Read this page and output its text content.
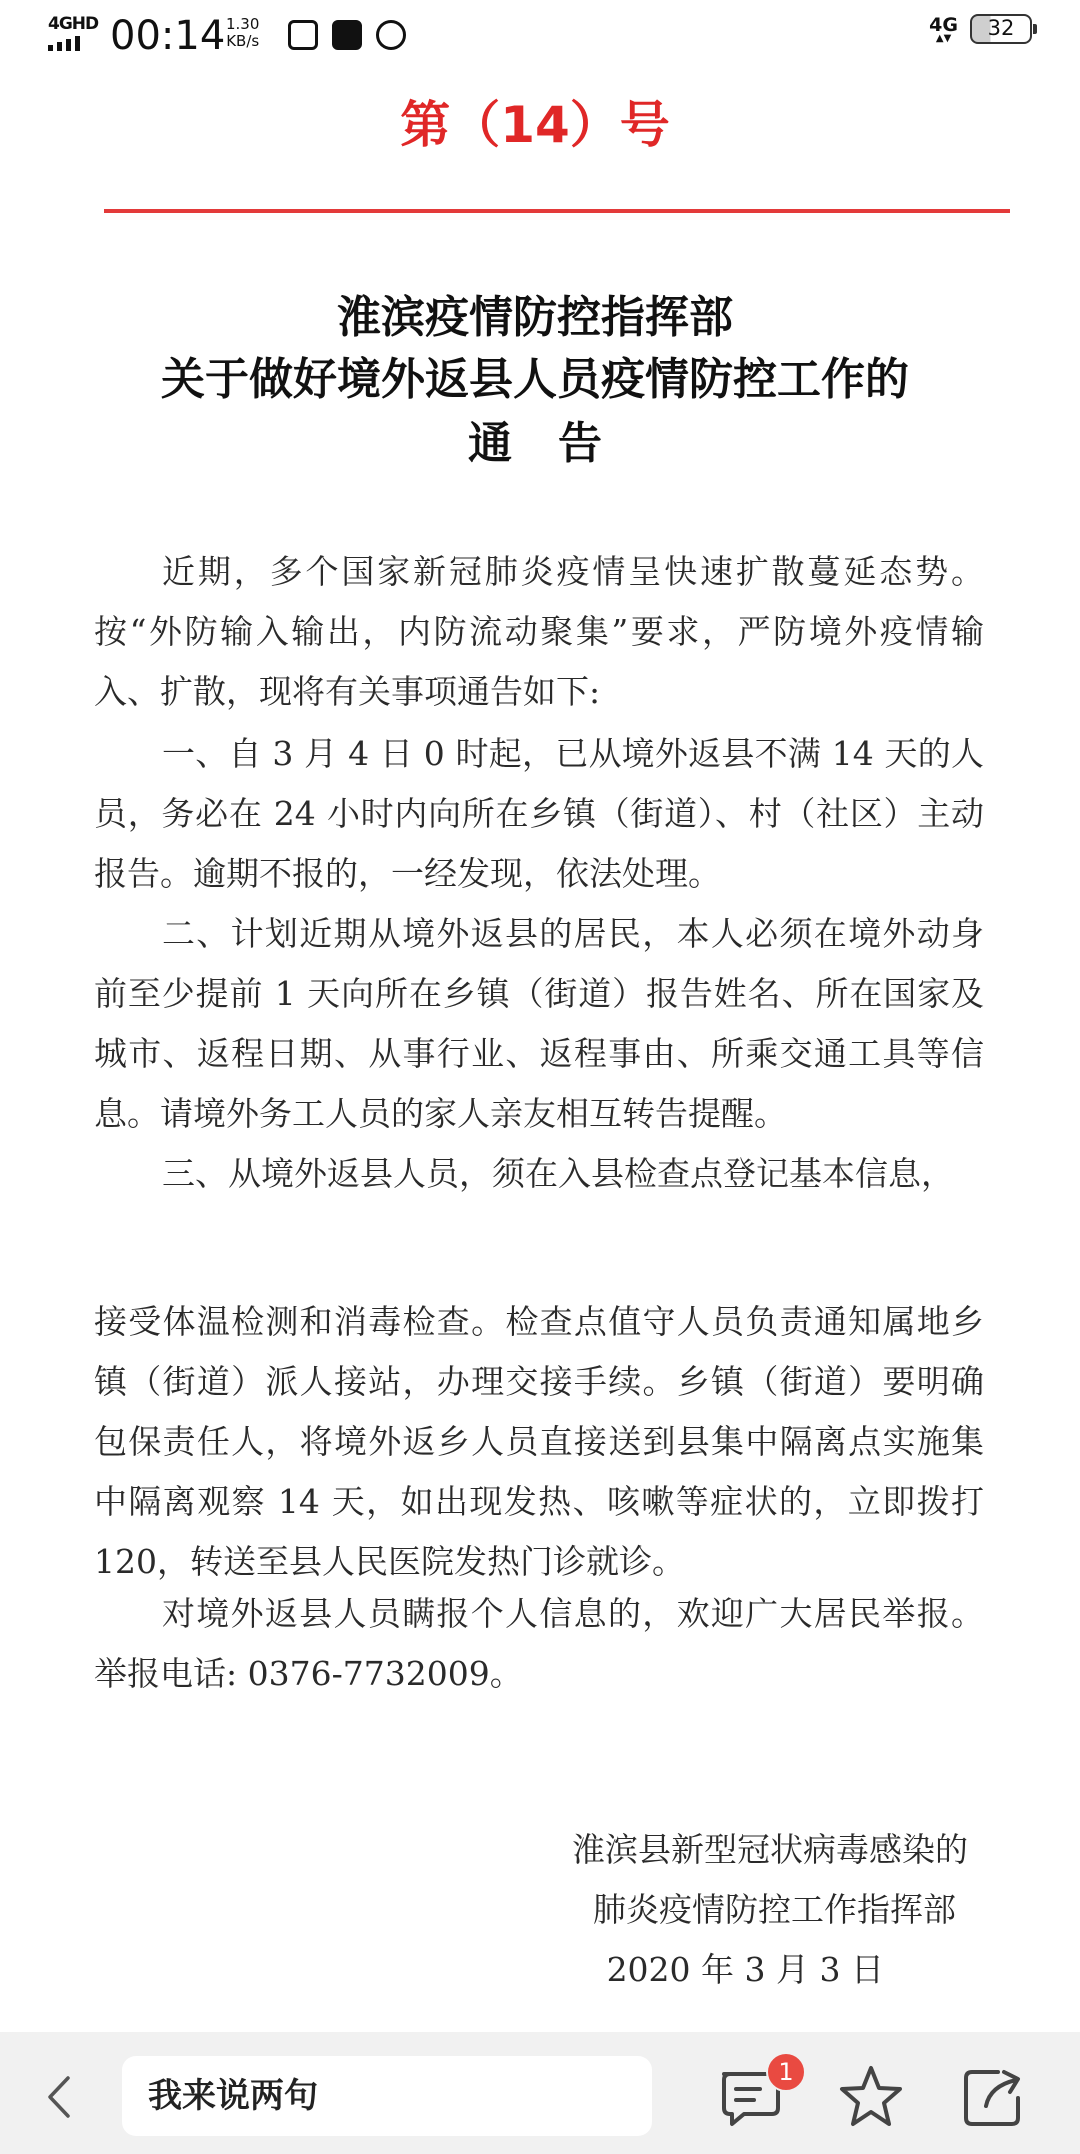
4GHD 00:14 1.30
KB/s
4G
▲▼	32
第（14）号
淮滨疫情防控指挥部
关于做好境外返县人员疫情防控工作的
通告

近期，多个国家新冠肺炎疫情呈快速扩散蔓延态势。按“外防输入输出，内防流动聚集”要求，严防境外疫情输入、扩散，现将有关事项通告如下:

一、自 3 月 4 日 0 时起，已从境外返县不满 14 天的人员，务必在 24 小时内向所在乡镇（街道）、村（社区）主动报告。逾期不报的，一经发现，依法处理。

二、计划近期从境外返县的居民，本人必须在境外动身前至少提前 1 天向所在乡镇（街道）报告姓名、所在国家及城市、返程日期、从事行业、返程事由、所乘交通工具等信息。请境外务工人员的家人亲友相互转告提醒。

三、从境外返县人员，须在入县检查点登记基本信息，

接受体温检测和消毒检查。检查点值守人员负责通知属地乡镇（街道）派人接站，办理交接手续。乡镇（街道）要明确包保责任人，将境外返乡人员直接送到县集中隔离点实施集中隔离观察 14 天，如出现发热、咳嗽等症状的，立即拨打120，转送至县人民医院发热门诊就诊。

对境外返县人员瞒报个人信息的，欢迎广大居民举报。举报电话: 0376-7732009。

淮滨县新型冠状病毒感染的
肺炎疫情防控工作指挥部
2020 年 3 月 3 日
我来说两句
1
